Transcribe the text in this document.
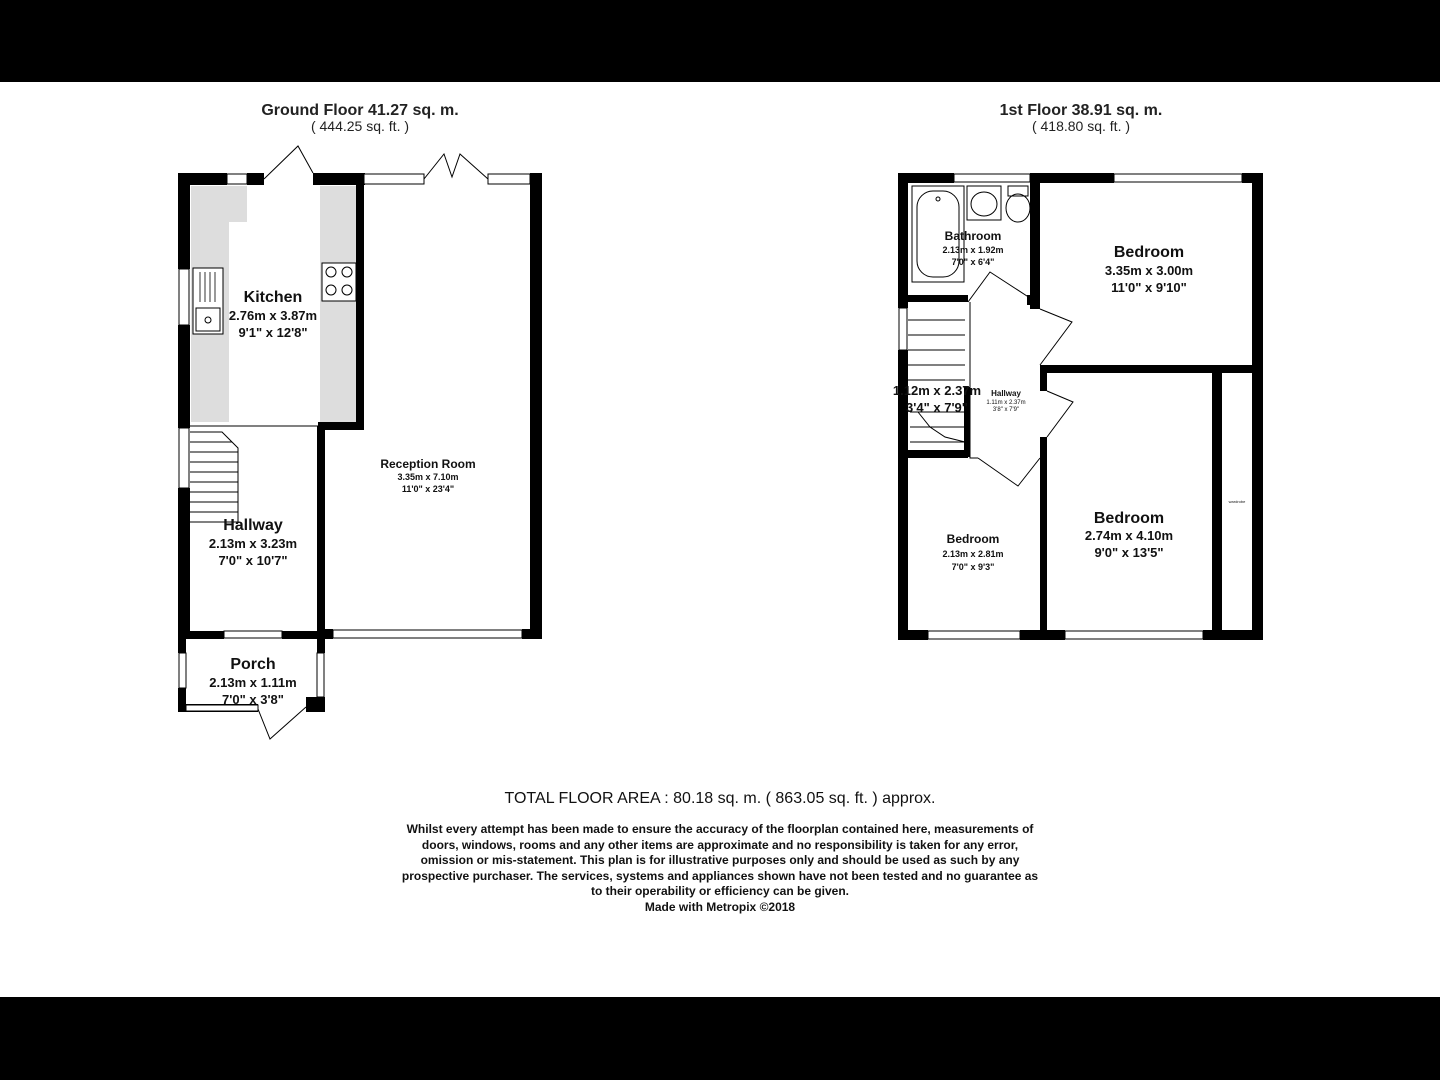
Ground Floor 41.27 sq. m.
( 444.25 sq. ft. )
Kitchen
2.76m x 3.87m
9'1" x 12'8"
Reception Room
3.35m x 7.10m
11'0" x 23'4"
Hallway
2.13m x 3.23m
7'0" x 10'7"
Porch
2.13m x 1.11m
7'0" x 3'8"
1st Floor 38.91 sq. m.
( 418.80 sq. ft. )
Bathroom
2.13m x 1.92m
7'0" x 6'4"
Bedroom
3.35m x 3.00m
11'0" x 9'10"
1.12m x 2.37m
3'4" x 7'9"
Hallway
1.11m x 2.37m
3'8" x 7'9"
Bedroom
2.13m x 2.81m
7'0" x 9'3"
Bedroom
2.74m x 4.10m
9'0" x 13'5"
wardrobe
TOTAL FLOOR AREA : 80.18 sq. m. ( 863.05 sq. ft. ) approx.
Whilst every attempt has been made to ensure the accuracy of the floorplan contained here, measurements of doors, windows, rooms and any other items are approximate and no responsibility is taken for any error, omission or mis-statement. This plan is for illustrative purposes only and should be used as such by any prospective purchaser. The services, systems and appliances shown have not been tested and no guarantee as to their operability or efficiency can be given.
Made with Metropix ©2018
